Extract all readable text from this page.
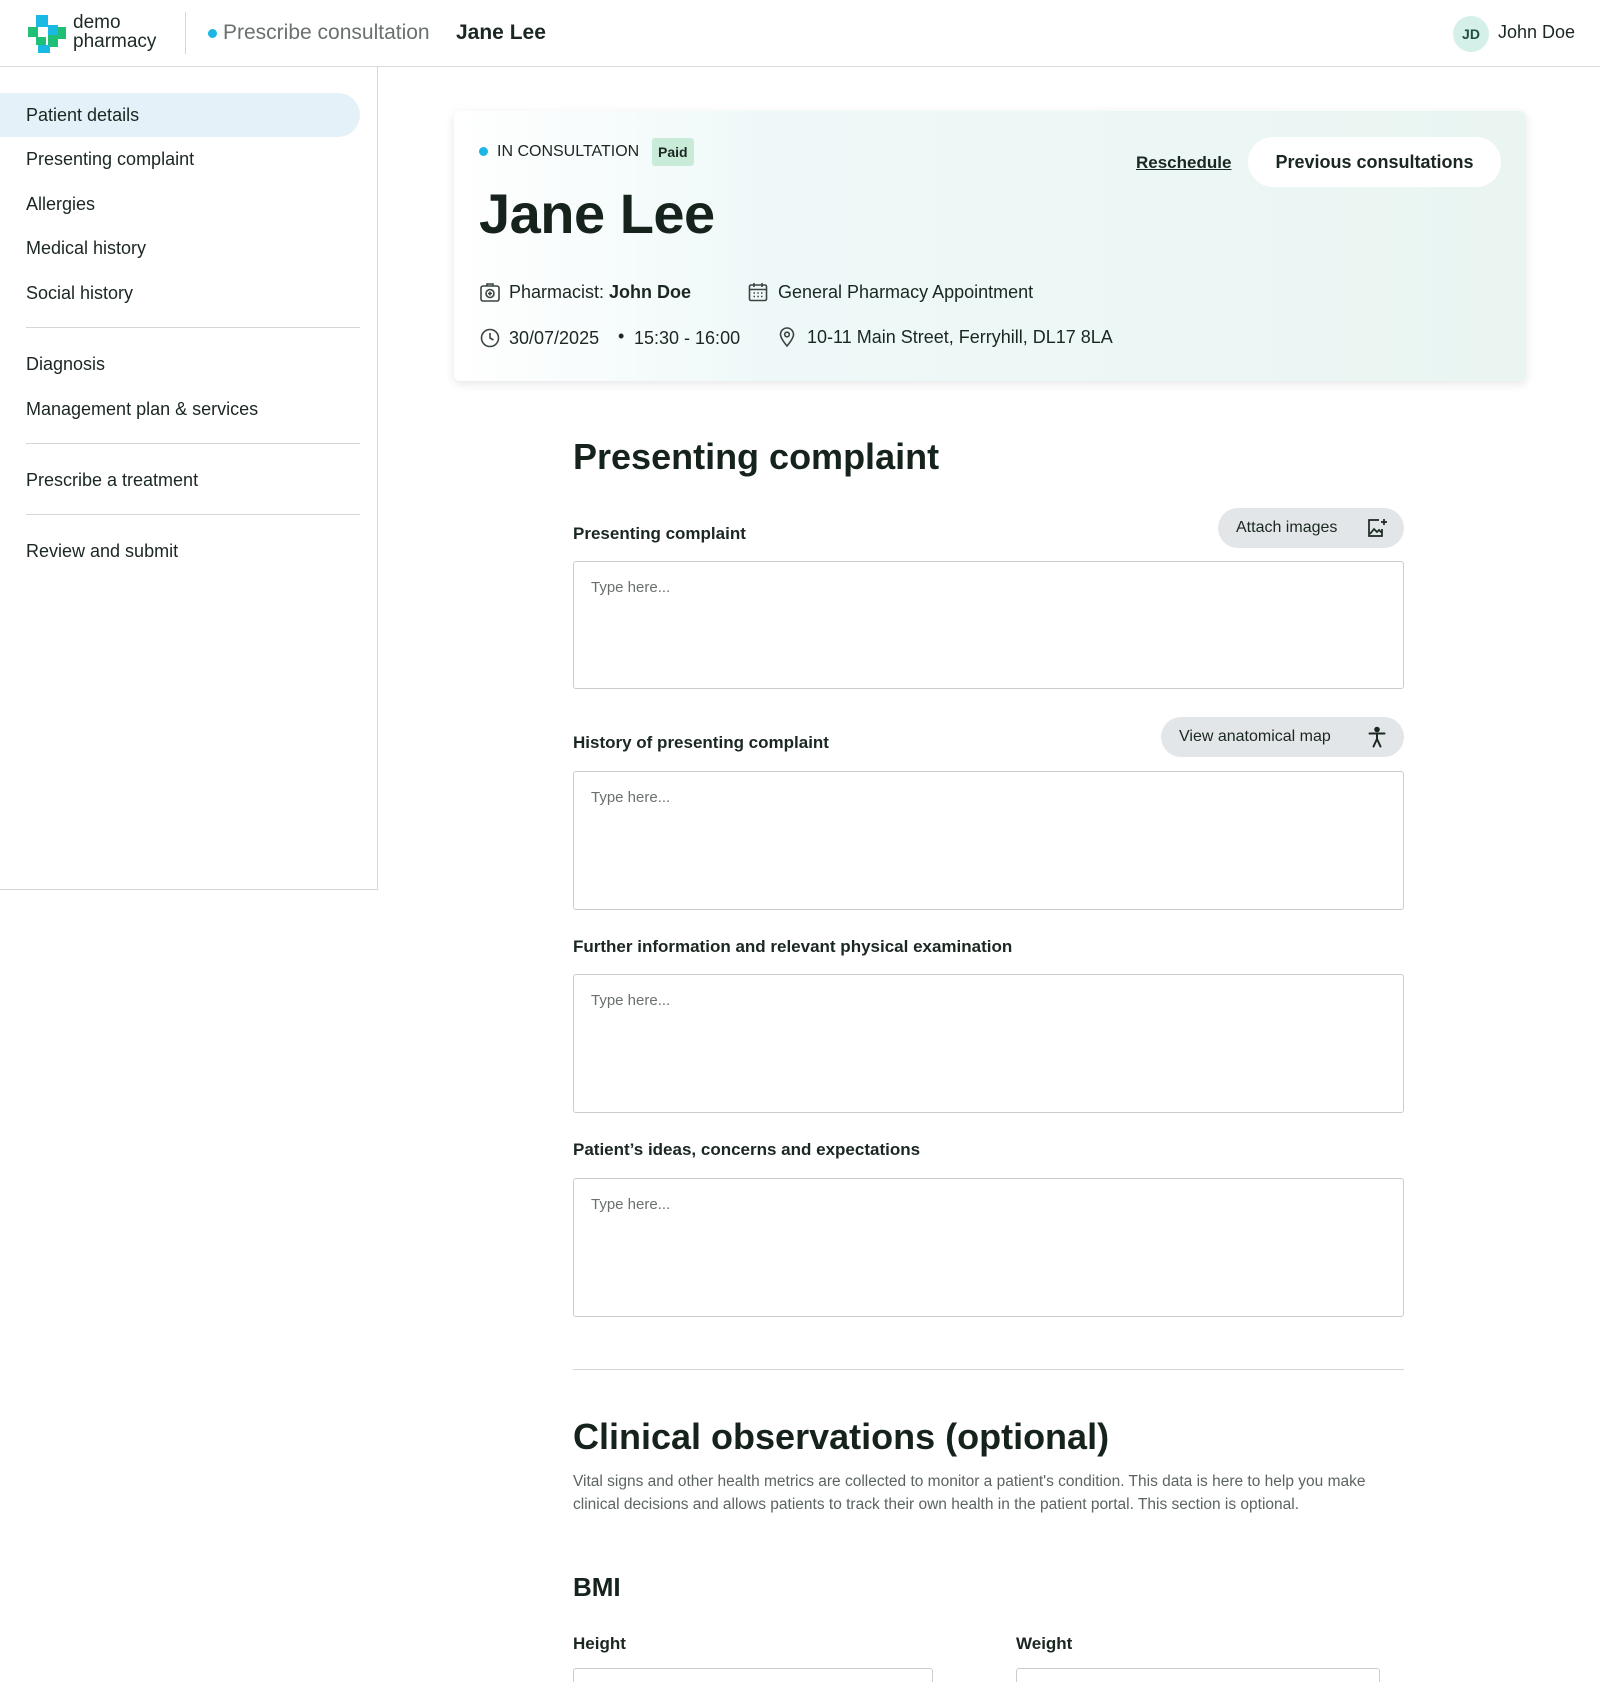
demo
pharmacy	Prescribe consultation Jane Lee	JD	John Doe
Patient details
Presenting complaint
Allergies
Medical history
Social history
Diagnosis
Management plan & services
Prescribe a treatment
Review and submit
IN CONSULTATION	Paid
Jane Lee
Reschedule	Previous consultations
Pharmacist: John Doe	General Pharmacy Appointment
30/07/2025 • 15:30 - 16:00	10-11 Main Street, Ferryhill, DL17 8LA
Presenting complaint
Presenting complaint	Attach images
Type here...
History of presenting complaint	View anatomical map
Type here...
Further information and relevant physical examination
Type here...
Patient’s ideas, concerns and expectations
Type here...
Clinical observations (optional)

Vital signs and other health metrics are collected to monitor a patient's condition. This data is here to help you make clinical decisions and allows patients to track their own health in the patient portal. This section is optional.

BMI
Height	Weight
